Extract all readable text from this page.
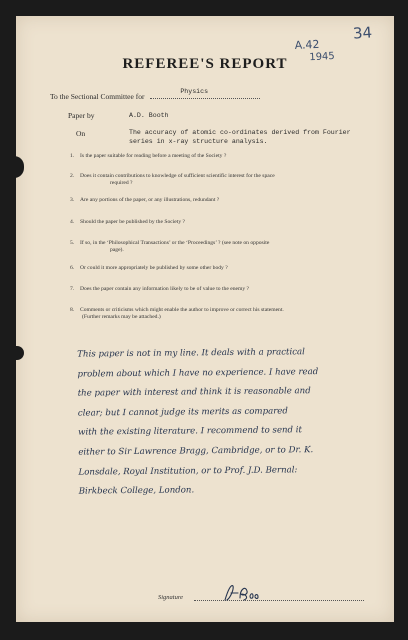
34
A.42
1945
REFEREE'S REPORT
To the Sectional Committee for
Physics
Paper by	A.D. Booth
On	The accuracy of atomic co-ordinates derived from Fourier
series in x-ray structure analysis.
1. Is the paper suitable for reading before a meeting of the Society ?
2. Does it contain contributions to knowledge of sufficient scientific interest for the space
required ?
3. Are any portions of the paper, or any illustrations, redundant ?
4. Should the paper be published by the Society ?
5. If so, in the ‘Philosophical Transactions’ or the ‘Proceedings’ ? (see note on opposite
page).
6. Or could it more appropriately be published by some other body ?
7. Does the paper contain any information likely to be of value to the enemy ?
8. Comments or criticisms which might enable the author to improve or correct his statement.
(Further remarks may be attached.)
This paper is not in my line. It deals with a practical
problem about which I have no experience. I have read
the paper with interest and think it is reasonable and
clear; but I cannot judge its merits as compared
with the existing literature. I recommend to send it
either to Sir Lawrence Bragg, Cambridge, or to Dr. K.
Lonsdale, Royal Institution, or to Prof. J.D. Bernal:
Birkbeck College, London.
Signature
